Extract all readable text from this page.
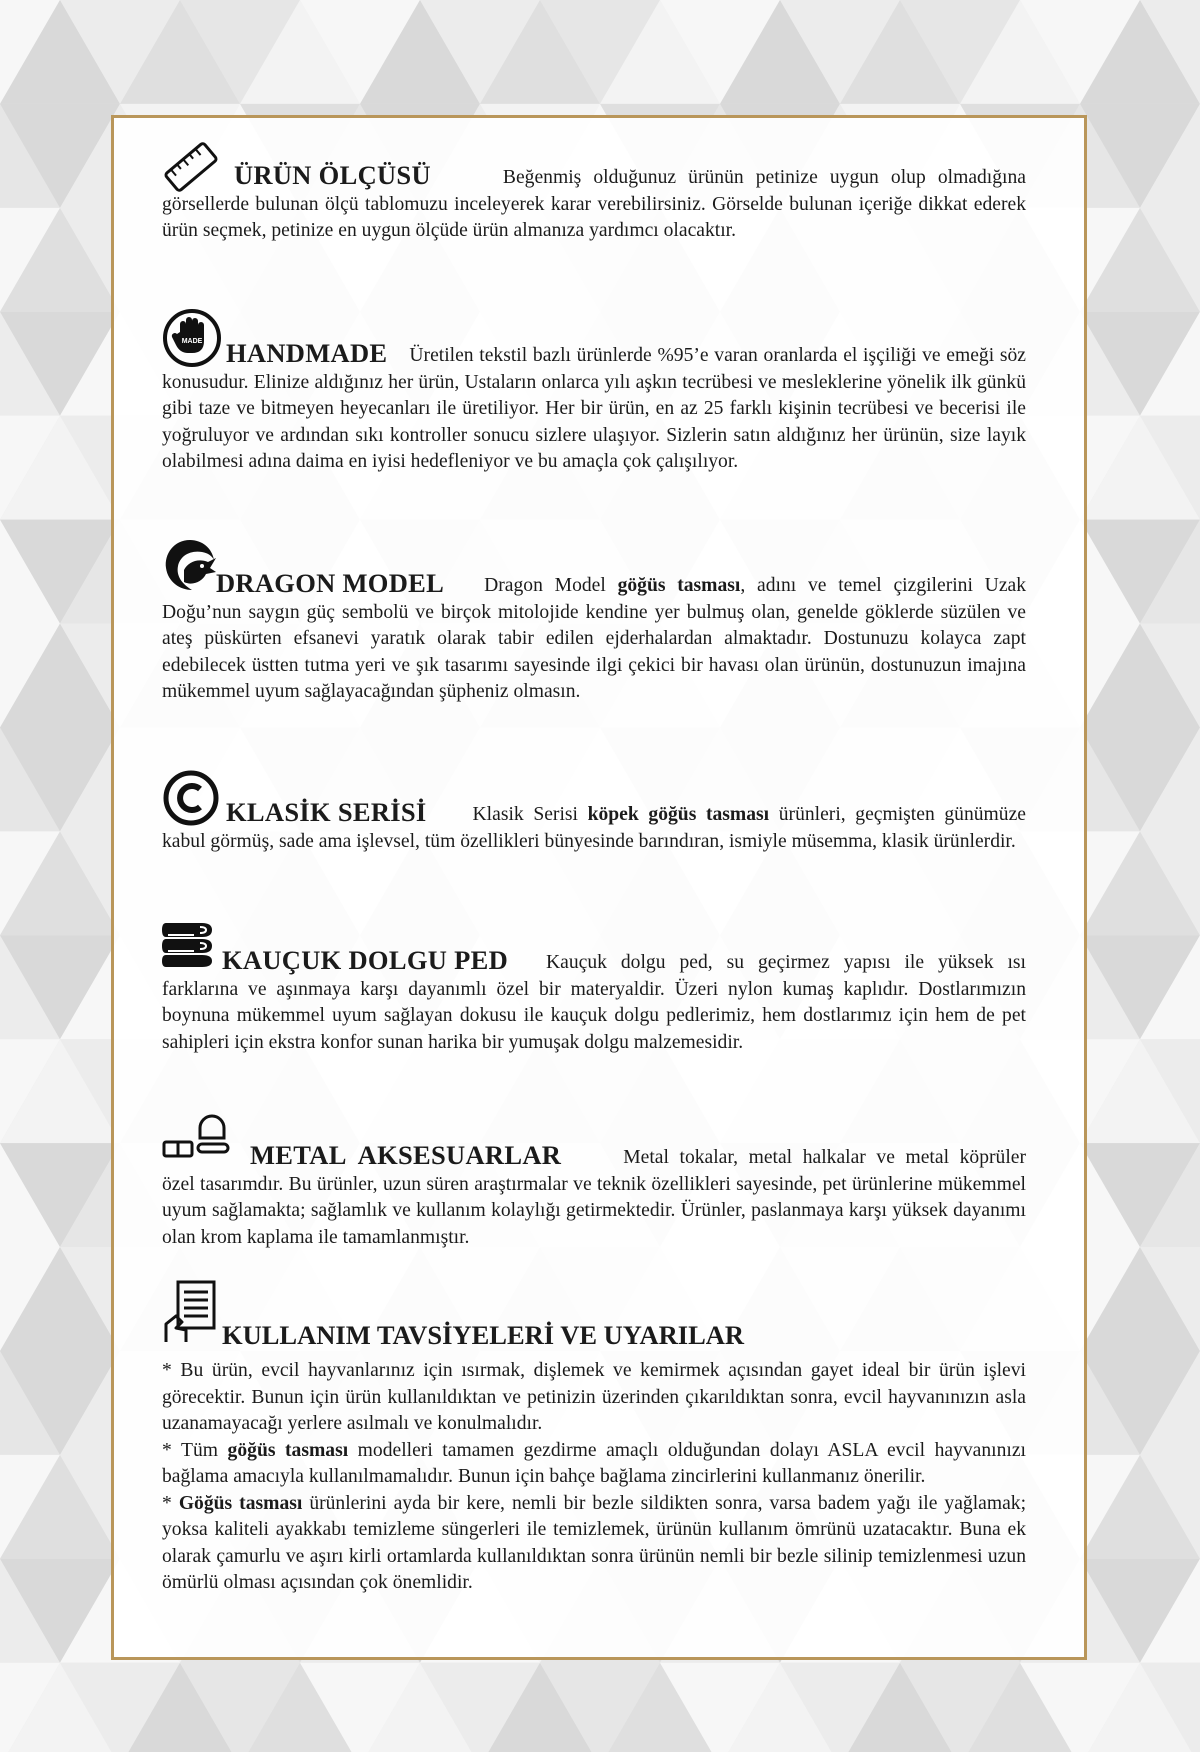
ÜRÜN ÖLÇÜSÜ	Beğenmiş olduğunuz ürünün petinize uygun olup olmadığına görsellerde bulunan ölçü tablomuzu inceleyerek karar verebilirsiniz. Görselde bulunan içeriğe dikkat ederek ürün seçmek, petinize en uygun ölçüde ürün almanıza yardımcı olacaktır.

MADE HANDMADE Üretilen tekstil bazlı ürünlerde %95’e varan oranlarda el işçiliği ve emeği söz konusudur. Elinize aldığınız her ürün, Ustaların onlarca yılı aşkın tecrübesi ve mesleklerine yönelik ilk günkü gibi taze ve bitmeyen heyecanları ile üretiliyor. Her bir ürün, en az 25 farklı kişinin tecrübesi ve becerisi ile yoğruluyor ve ardından sıkı kontroller sonucu sizlere ulaşıyor. Sizlerin satın aldığınız her ürünün, size layık olabilmesi adına daima en iyisi hedefleniyor ve bu amaçla çok çalışılıyor.

DRAGON MODEL Dragon Model göğüs tasması, adını ve temel çizgilerini Uzak Doğu’nun saygın güç sembolü ve birçok mitolojide kendine yer bulmuş olan, genelde göklerde süzülen ve ateş püskürten efsanevi yaratık olarak tabir edilen ejderhalardan almaktadır. Dostunuzu kolayca zapt edebilecek üstten tutma yeri ve şık tasarımı sayesinde ilgi çekici bir havası olan ürünün, dostunuzun imajına mükemmel uyum sağlayacağından şüpheniz olmasın.

KLASİK SERİSİ Klasik Serisi köpek göğüs tasması ürünleri, geçmişten günümüze kabul görmüş, sade ama işlevsel, tüm özellikleri bünyesinde barındıran, ismiyle müsemma, klasik ürünlerdir.

KAUÇUK DOLGU PED Kauçuk dolgu ped, su geçirmez yapısı ile yüksek ısı farklarına ve aşınmaya karşı dayanımlı özel bir materyaldir. Üzeri nylon kumaş kaplıdır. Dostlarımızın boynuna mükemmel uyum sağlayan dokusu ile kauçuk dolgu pedlerimiz, hem dostlarımız için hem de pet sahipleri için ekstra konfor sunan harika bir yumuşak dolgu malzemesidir.

METAL  AKSESUARLAR	Metal tokalar, metal halkalar ve metal köprüler özel tasarımdır. Bu ürünler, uzun süren araştırmalar ve teknik özellikleri sayesinde, pet ürünlerine mükemmel uyum sağlamakta; sağlamlık ve kullanım kolaylığı getirmektedir. Ürünler, paslanmaya karşı yüksek dayanımı olan krom kaplama ile tamamlanmıştır.

KULLANIM TAVSİYELERİ VE UYARILAR

* Bu ürün, evcil hayvanlarınız için ısırmak, dişlemek ve kemirmek açısından gayet ideal bir ürün işlevi görecektir. Bunun için ürün kullanıldıktan ve petinizin üzerinden çıkarıldıktan sonra, evcil hayvanınızın asla uzanamayacağı yerlere asılmalı ve konulmalıdır.

* Tüm göğüs tasması modelleri tamamen gezdirme amaçlı olduğundan dolayı ASLA evcil hayvanınızı bağlama amacıyla kullanılmamalıdır. Bunun için bahçe bağlama zincirlerini kullanmanız önerilir.

* Göğüs tasması ürünlerini ayda bir kere, nemli bir bezle sildikten sonra, varsa badem yağı ile yağlamak; yoksa kaliteli ayakkabı temizleme süngerleri ile temizlemek, ürünün kullanım ömrünü uzatacaktır. Buna ek olarak çamurlu ve aşırı kirli ortamlarda kullanıldıktan sonra ürünün nemli bir bezle silinip temizlenmesi uzun ömürlü olması açısından çok önemlidir.
